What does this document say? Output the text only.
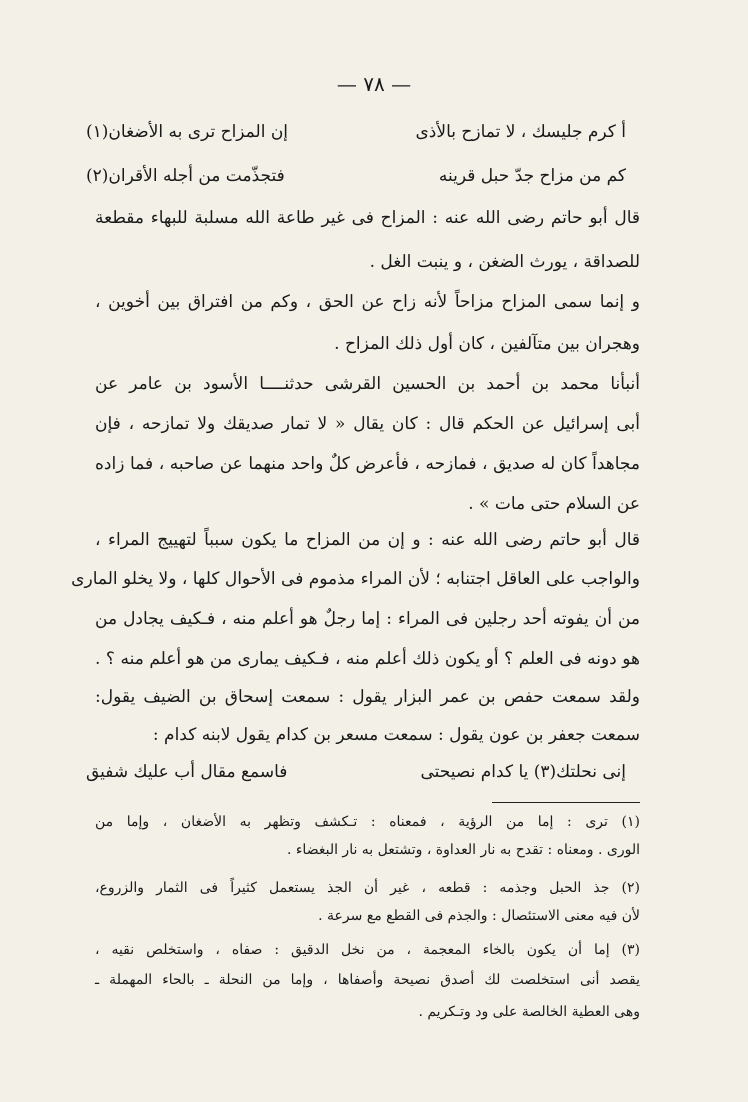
— ٧٨ —
أ كرم جليسك ، لا تمازح بالأذى
إن المزاح ترى به الأضغان(١)
كم من مزاح جدّ حبل قرينه
فتجذّمت من أجله الأقران(٢)
قال أبو حاتم رضى الله عنه : المزاح فى غير طاعة الله مسلبة للبهاء مقطعة
للصداقة ، يورث الضغن ، و ينبت الغل .
و إنما سمى المزاح مزاحاً لأنه زاح عن الحق ، وكم من افتراق بين أخوين ،
وهجران بين متآلفين ، كان أول ذلك المزاح .
أنبأنا محمد بن أحمد بن الحسين القرشى حدثنــــا الأسود بن عامر عن
أبى إسرائيل عن الحكم قال : كان يقال « لا تمار صديقك ولا تمازحه ، فإن
مجاهداً كان له صديق ، فمازحه ، فأعرض كلٌ واحد منهما عن صاحبه ، فما زاده
عن السلام حتى مات » .
قال أبو حاتم رضى الله عنه : و إن من المزاح ما يكون سبباً لتهييج المراء ،
والواجب على العاقل اجتنابه ؛ لأن المراء مذموم فى الأحوال كلها ، ولا يخلو المارى
من أن يفوته أحد رجلين فى المراء : إما رجلٌ هو أعلم منه ، فـكيف يجادل من
هو دونه فى العلم ؟ أو يكون ذلك أعلم منه ، فـكيف يمارى من هو أعلم منه ؟ .
ولقد سمعت حفص بن عمر البزار يقول : سمعت إسحاق بن الضيف يقول:
سمعت جعفر بن عون يقول : سمعت مسعر بن كدام يقول لابنه كدام :
إنى نحلتك(٣) يا كدام نصيحتى
فاسمع مقال أب عليك شفيق
(١) ترى : إما من الرؤية ، فمعناه : تـكشف وتظهر به الأضغان ، وإما من
الورى . ومعناه : تقدح به نار العداوة ، وتشتعل به نار البغضاء .
(٢) جذ الحبل وجذمه : قطعه ، غير أن الجذ يستعمل كثيراً فى الثمار والزروع،
لأن فيه معنى الاستئصال : والجذم فى القطع مع سرعة .
(٣) إما أن يكون بالخاء المعجمة ، من نخل الدقيق : صفاه ، واستخلص نقيه ،
يقصد أنى استخلصت لك أصدق نصيحة وأصفاها ، وإما من النحلة ـ بالحاء المهملة ـ
وهى العطية الخالصة على ود وتـكريم .
